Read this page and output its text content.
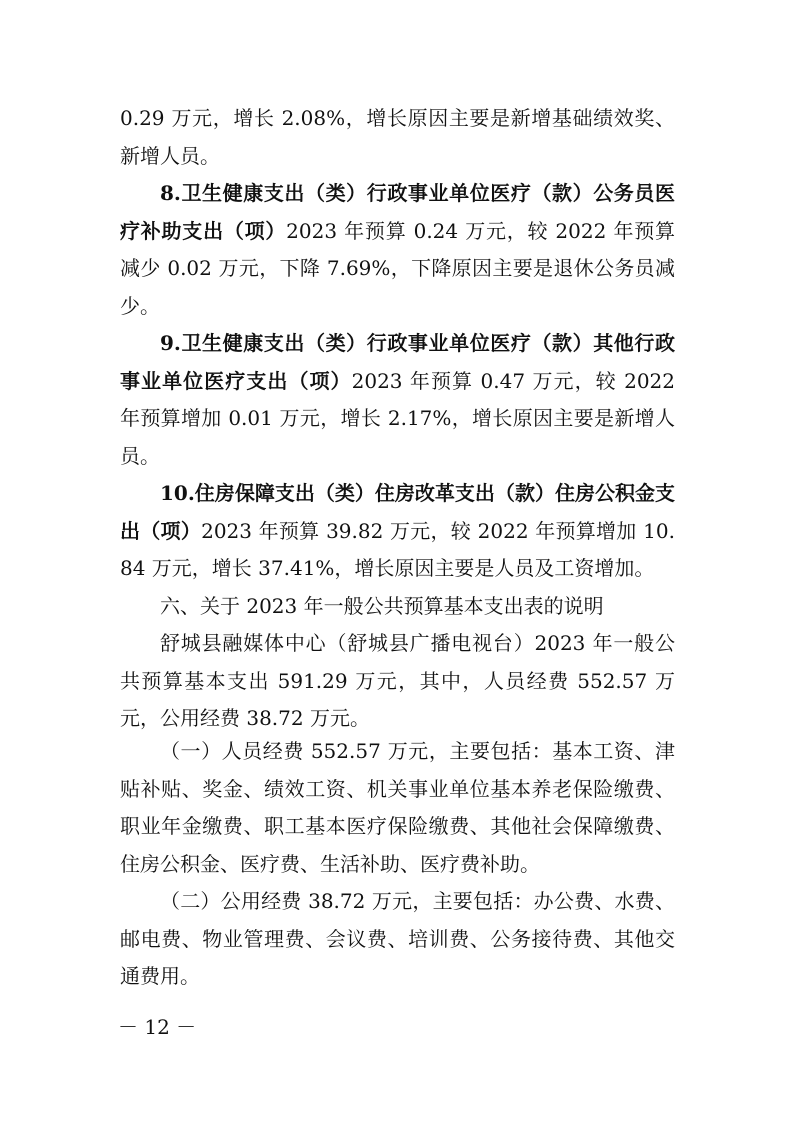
0.29 万元，增长 2.08%，增长原因主要是新增基础绩效奖、新增人员。

8.卫生健康支出（类）行政事业单位医疗（款）公务员医疗补助支出（项）2023 年预算 0.24 万元，较 2022 年预算减少 0.02 万元，下降 7.69%，下降原因主要是退休公务员减少。

9.卫生健康支出（类）行政事业单位医疗（款）其他行政事业单位医疗支出（项）2023 年预算 0.47 万元，较 2022 年预算增加 0.01 万元，增长 2.17%，增长原因主要是新增人员。

10.住房保障支出（类）住房改革支出（款）住房公积金支出（项）2023 年预算 39.82 万元，较 2022 年预算增加 10.84 万元，增长 37.41%，增长原因主要是人员及工资增加。

六、关于 2023 年一般公共预算基本支出表的说明

舒城县融媒体中心（舒城县广播电视台）2023 年一般公共预算基本支出 591.29 万元，其中，人员经费 552.57 万元，公用经费 38.72 万元。

（一）人员经费 552.57 万元，主要包括：基本工资、津贴补贴、奖金、绩效工资、机关事业单位基本养老保险缴费、职业年金缴费、职工基本医疗保险缴费、其他社会保障缴费、住房公积金、医疗费、生活补助、医疗费补助。

（二）公用经费 38.72 万元，主要包括：办公费、水费、邮电费、物业管理费、会议费、培训费、公务接待费、其他交通费用。

－ 12 －
